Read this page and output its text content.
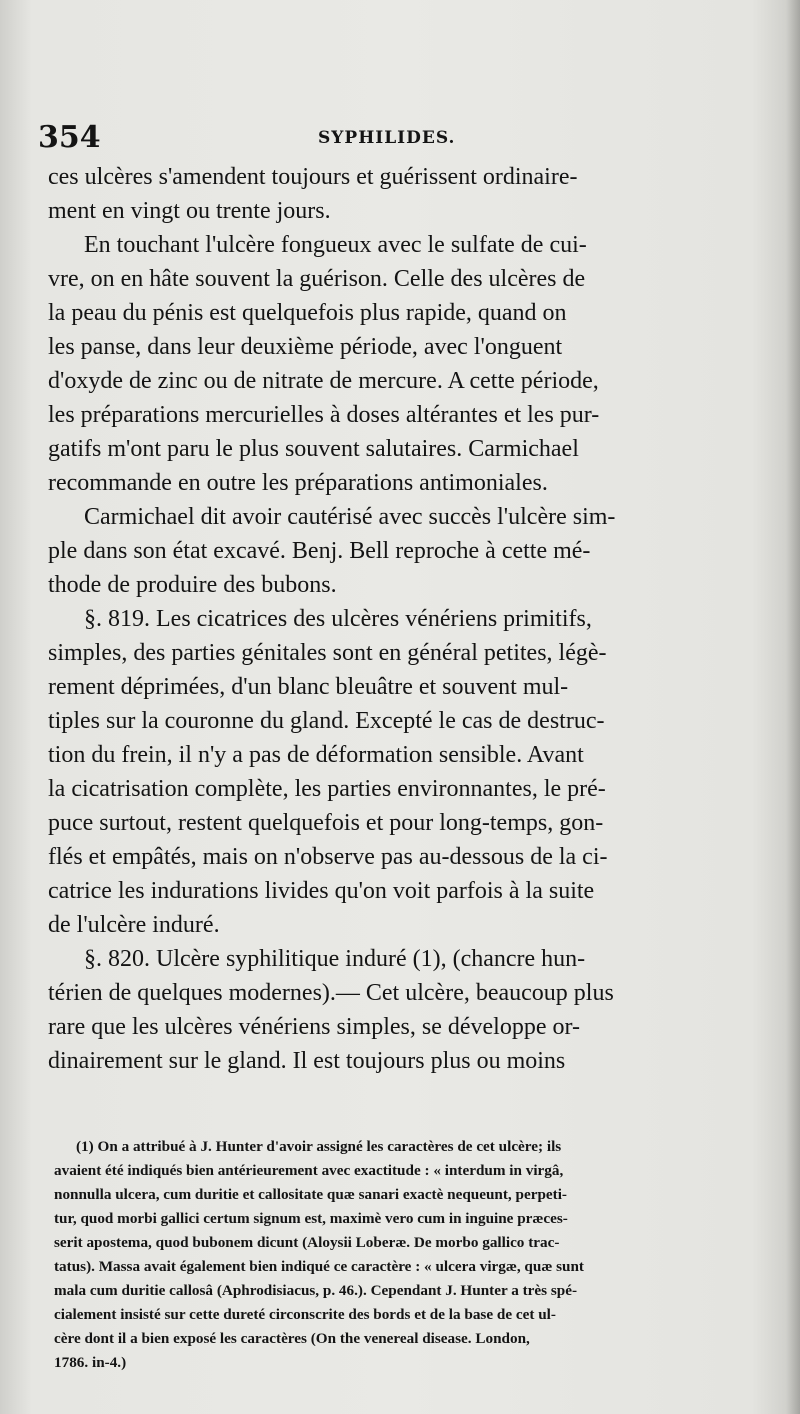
354	SYPHILIDES.
ces ulcères s'amendent toujours et guérissent ordinaire-
ment en vingt ou trente jours.
En touchant l'ulcère fongueux avec le sulfate de cui-
vre, on en hâte souvent la guérison. Celle des ulcères de
la peau du pénis est quelquefois plus rapide, quand on
les panse, dans leur deuxième période, avec l'onguent
d'oxyde de zinc ou de nitrate de mercure. A cette période,
les préparations mercurielles à doses altérantes et les pur-
gatifs m'ont paru le plus souvent salutaires. Carmichael
recommande en outre les préparations antimoniales.
Carmichael dit avoir cautérisé avec succès l'ulcère sim-
ple dans son état excavé. Benj. Bell reproche à cette mé-
thode de produire des bubons.
§. 819. Les cicatrices des ulcères vénériens primitifs,
simples, des parties génitales sont en général petites, légè-
rement déprimées, d'un blanc bleuâtre et souvent mul-
tiples sur la couronne du gland. Excepté le cas de destruc-
tion du frein, il n'y a pas de déformation sensible. Avant
la cicatrisation complète, les parties environnantes, le pré-
puce surtout, restent quelquefois et pour long-temps, gon-
flés et empâtés, mais on n'observe pas au-dessous de la ci-
catrice les indurations livides qu'on voit parfois à la suite
de l'ulcère induré.
§. 820. Ulcère syphilitique induré (1), (chancre hun-
térien de quelques modernes).— Cet ulcère, beaucoup plus
rare que les ulcères vénériens simples, se développe or-
dinairement sur le gland. Il est toujours plus ou moins
(1) On a attribué à J. Hunter d'avoir assigné les caractères de cet ulcère; ils
avaient été indiqués bien antérieurement avec exactitude : « interdum in virgâ,
nonnulla ulcera, cum duritie et callositate quæ sanari exactè nequeunt, perpeti-
tur, quod morbi gallici certum signum est, maximè vero cum in inguine præces-
serit apostema, quod bubonem dicunt (Aloysii Loberæ. De morbo gallico trac-
tatus). Massa avait également bien indiqué ce caractère : « ulcera virgæ, quæ sunt
mala cum duritie callosâ (Aphrodisiacus, p. 46.). Cependant J. Hunter a très spé-
cialement insisté sur cette dureté circonscrite des bords et de la base de cet ul-
cère dont il a bien exposé les caractères (On the venereal disease. London,
1786. in-4.)
